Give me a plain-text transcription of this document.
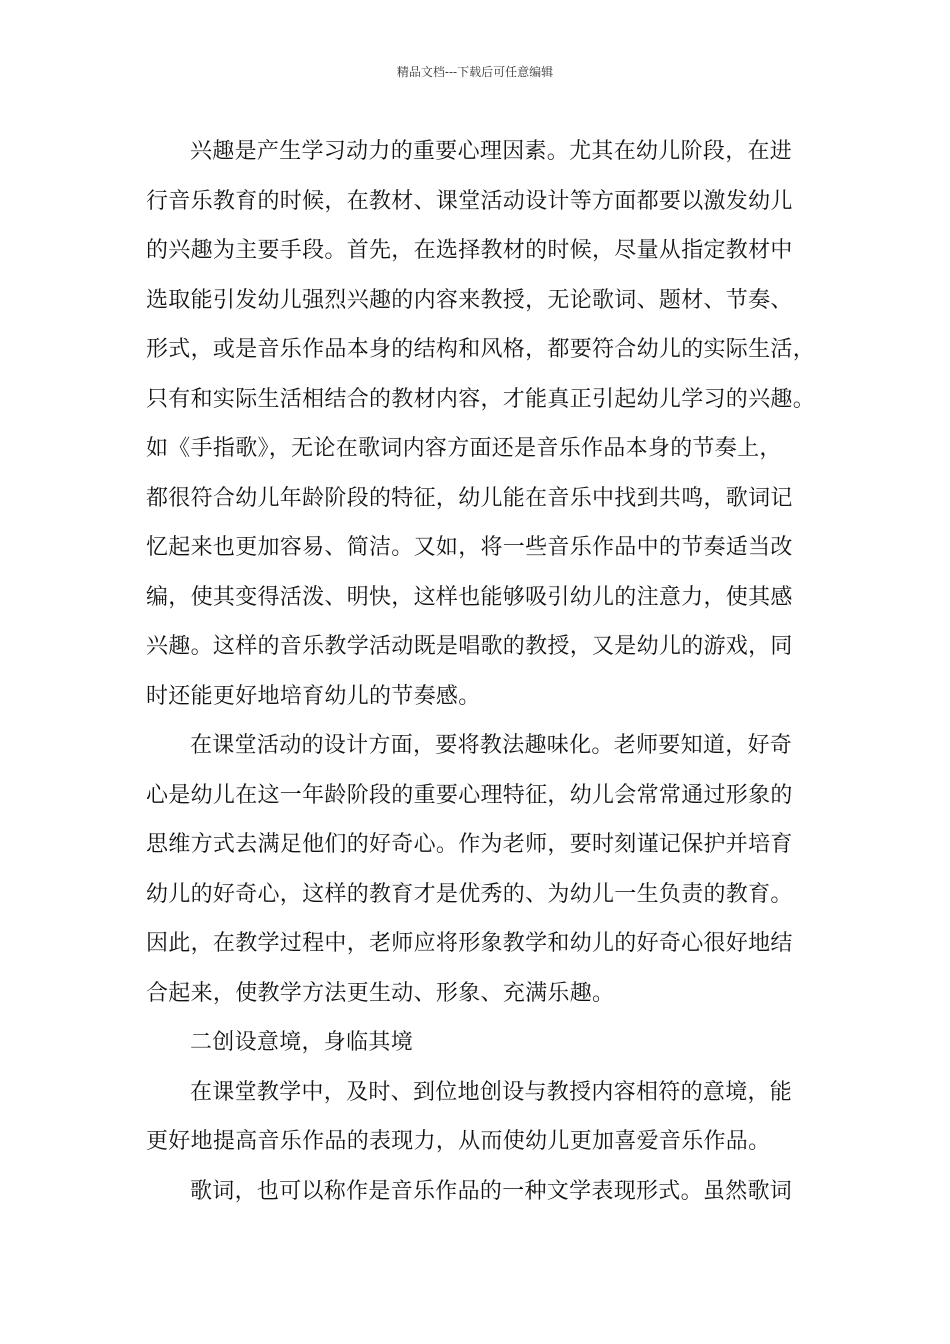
精品文档---下载后可任意编辑
兴趣是产生学习动力的重要心理因素。尤其在幼儿阶段，在进
行音乐教育的时候，在教材、课堂活动设计等方面都要以激发幼儿
的兴趣为主要手段。首先，在选择教材的时候，尽量从指定教材中
选取能引发幼儿强烈兴趣的内容来教授，无论歌词、题材、节奏、
形式，或是音乐作品本身的结构和风格，都要符合幼儿的实际生活，
只有和实际生活相结合的教材内容，才能真正引起幼儿学习的兴趣。
如《手指歌》，无论在歌词内容方面还是音乐作品本身的节奏上，
都很符合幼儿年龄阶段的特征，幼儿能在音乐中找到共鸣，歌词记
忆起来也更加容易、简洁。又如，将一些音乐作品中的节奏适当改
编，使其变得活泼、明快，这样也能够吸引幼儿的注意力，使其感
兴趣。这样的音乐教学活动既是唱歌的教授，又是幼儿的游戏，同
时还能更好地培育幼儿的节奏感。
在课堂活动的设计方面，要将教法趣味化。老师要知道，好奇
心是幼儿在这一年龄阶段的重要心理特征，幼儿会常常通过形象的
思维方式去满足他们的好奇心。作为老师，要时刻谨记保护并培育
幼儿的好奇心，这样的教育才是优秀的、为幼儿一生负责的教育。
因此，在教学过程中，老师应将形象教学和幼儿的好奇心很好地结
合起来，使教学方法更生动、形象、充满乐趣。
二创设意境，身临其境
在课堂教学中，及时、到位地创设与教授内容相符的意境，能
更好地提高音乐作品的表现力，从而使幼儿更加喜爱音乐作品。
歌词，也可以称作是音乐作品的一种文学表现形式。虽然歌词
